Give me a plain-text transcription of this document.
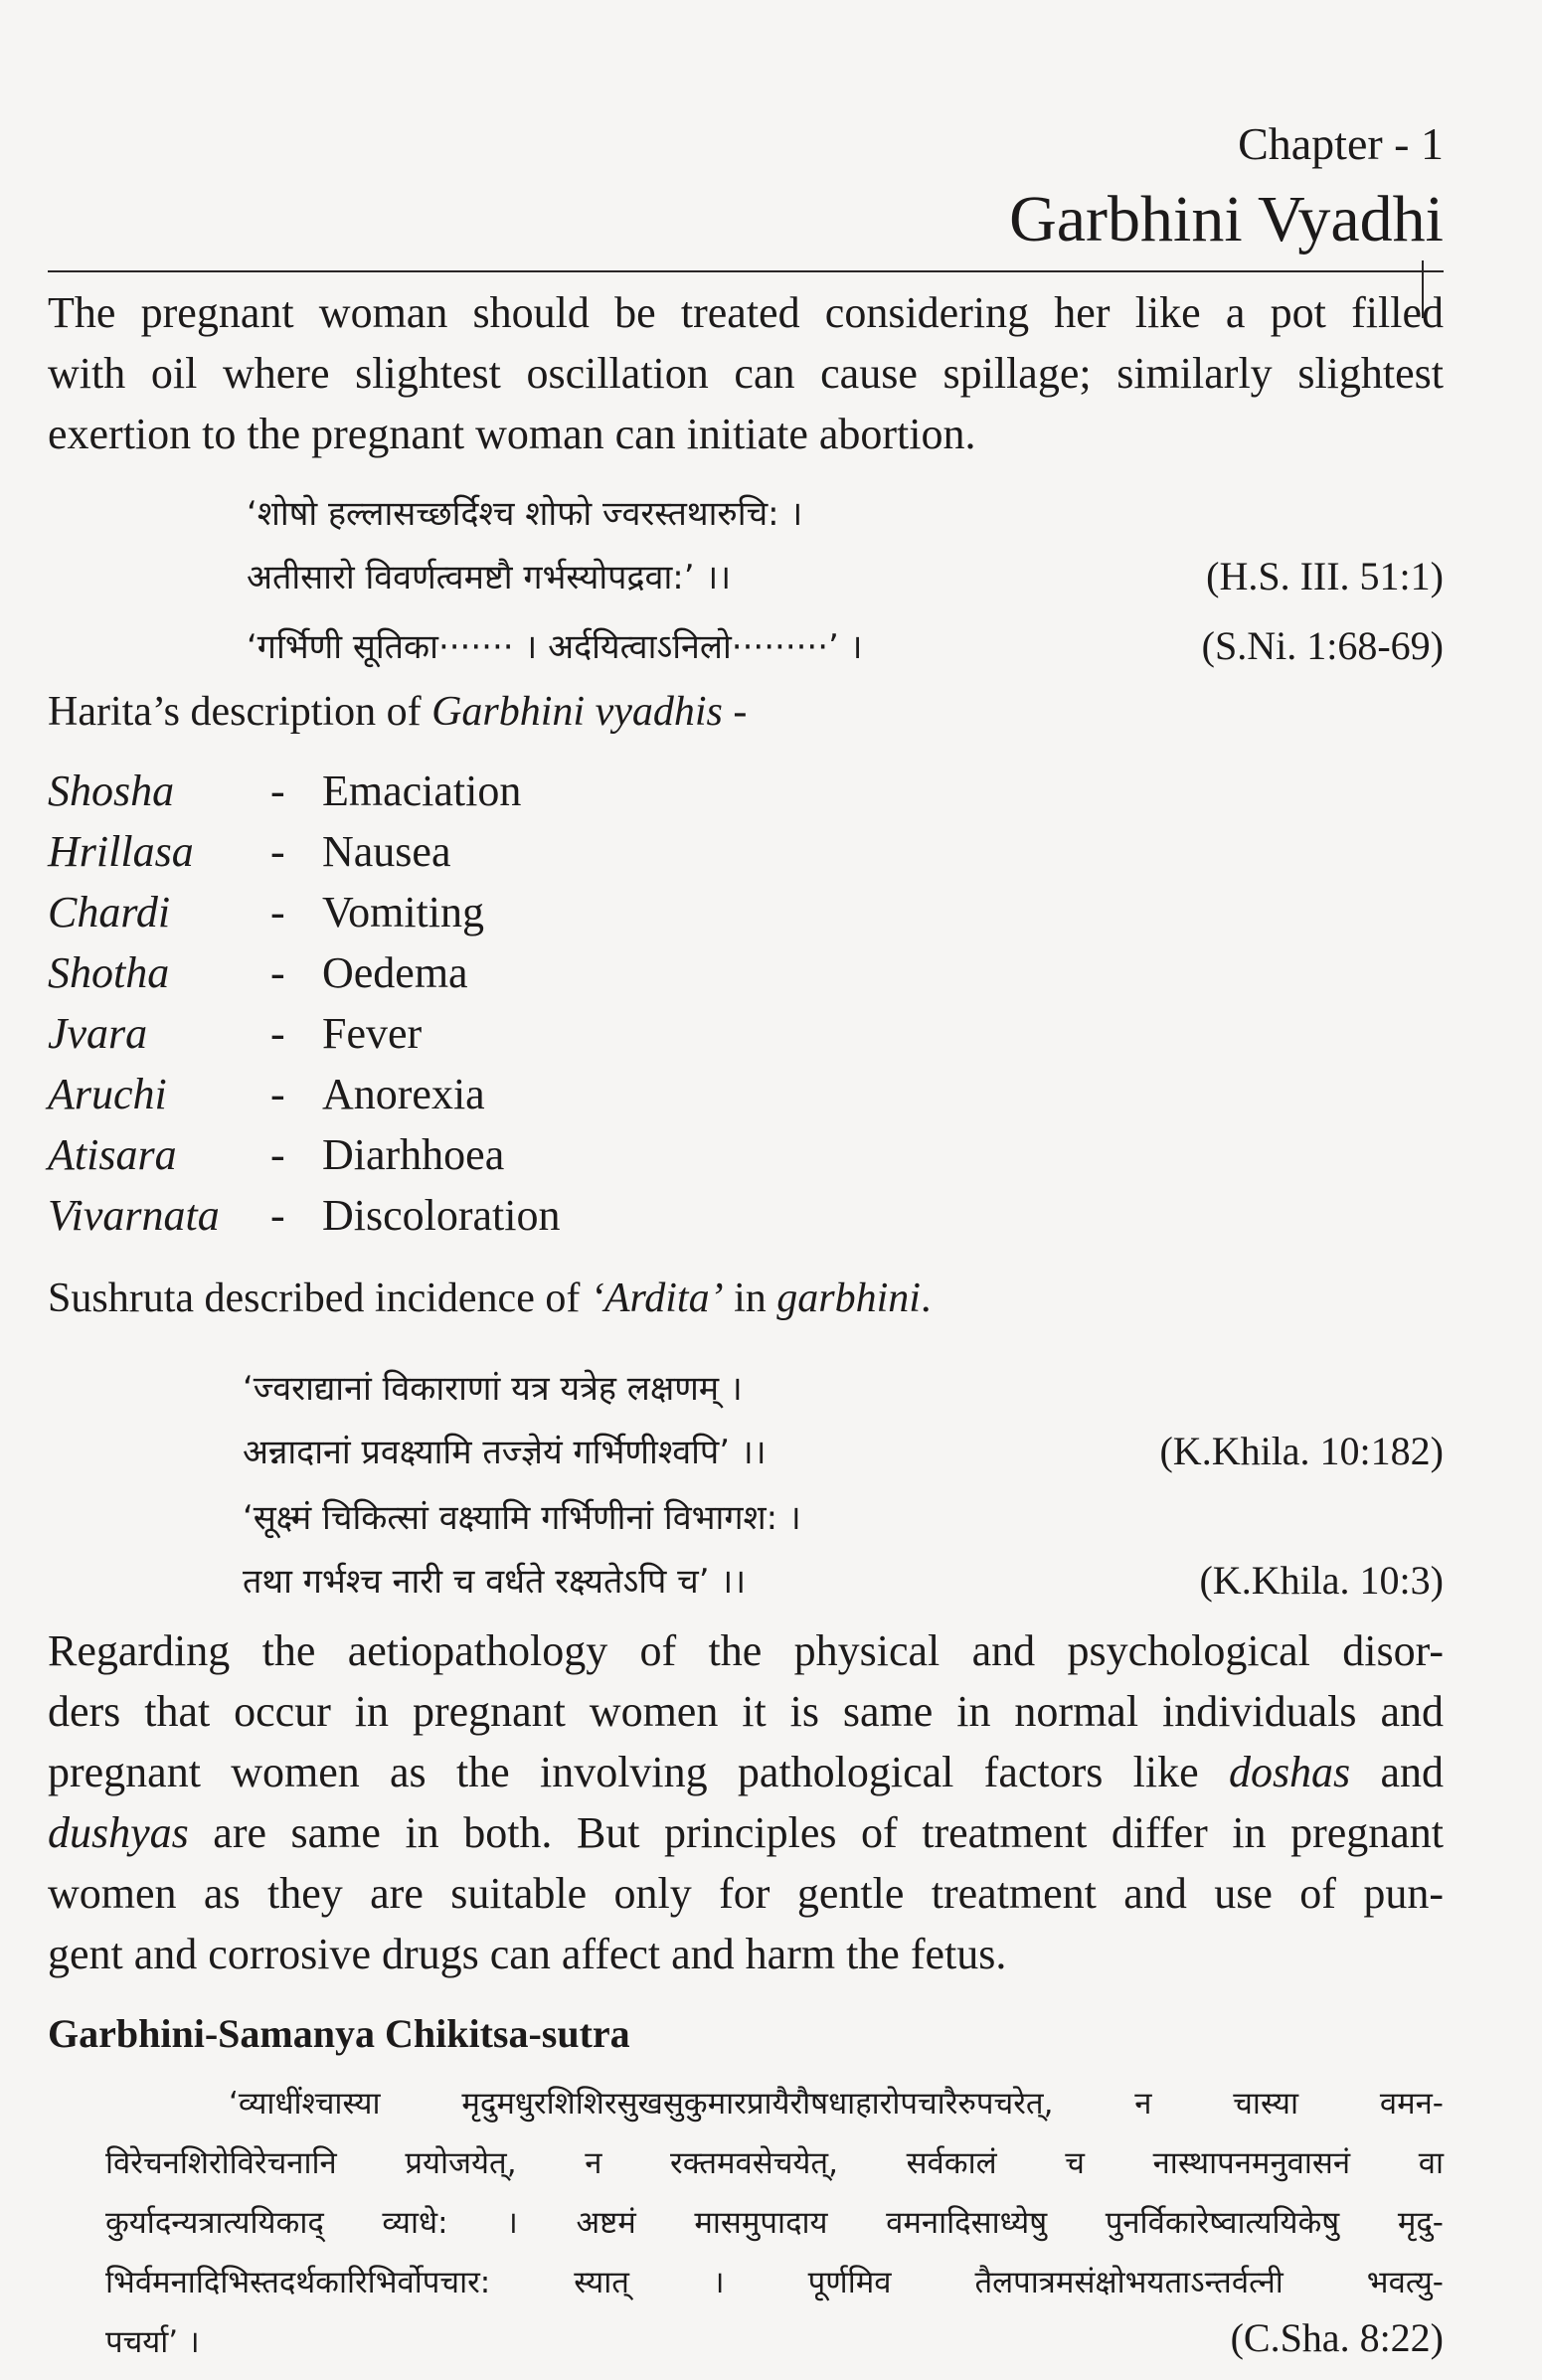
Chapter - 1
Garbhini Vyadhi
The pregnant woman should be treated considering her like a pot filled
with oil where slightest oscillation can cause spillage; similarly slightest
exertion to the pregnant woman can initiate abortion.
‘शोषो हल्लासच्छर्दिश्च शोफो ज्वरस्तथारुचि: ।
अतीसारो विवर्णत्वमष्टौ गर्भस्योपद्रवा:’ ।।	(H.S. III. 51:1)
‘गर्भिणी सूतिका······· । अर्दयित्वाऽनिलो·········’ ।	(S.Ni. 1:68-69)
Harita’s description of Garbhini vyadhis -
Shosha - Emaciation
Hrillasa - Nausea
Chardi - Vomiting
Shotha - Oedema
Jvara	- Fever
Aruchi - Anorexia
Atisara - Diarhhoea
Vivarnata - Discoloration
Sushruta described incidence of ‘Ardita’ in garbhini.
‘ज्वराद्यानां विकाराणां यत्र यत्रेह लक्षणम् ।
अन्नादानां प्रवक्ष्यामि तज्ज्ञेयं गर्भिणीश्वपि’ ।।	(K.Khila. 10:182)
‘सूक्ष्मं चिकित्सां वक्ष्यामि गर्भिणीनां विभागश: ।
तथा गर्भश्च नारी च वर्धते रक्ष्यतेऽपि च’ ।।	(K.Khila. 10:3)
Regarding the aetiopathology of the physical and psychological disor-
ders that occur in pregnant women it is same in normal individuals and
pregnant women as the involving pathological factors like doshas and
dushyas are same in both. But principles of treatment differ in pregnant
women as they are suitable only for gentle treatment and use of pun-
gent and corrosive drugs can affect and harm the fetus.
Garbhini-Samanya Chikitsa-sutra
‘व्याधींश्चास्या मृदुमधुरशिशिरसुखसुकुमारप्रायैरौषधाहारोपचारैरुपचरेत्, न चास्या वमन-
विरेचनशिरोविरेचनानि प्रयोजयेत्, न रक्तमवसेचयेत्, सर्वकालं च नास्थापनमनुवासनं वा
कुर्यादन्यत्रात्ययिकाद् व्याधे: । अष्टमं मासमुपादाय वमनादिसाध्येषु पुनर्विकारेष्वात्ययिकेषु मृदु-
भिर्वमनादिभिस्तदर्थकारिभिर्वोपचार: स्यात् । पूर्णमिव तैलपात्रमसंक्षोभयताऽन्तर्वत्नी भवत्यु-
पचर्या’ ।	(C.Sha. 8:22)
